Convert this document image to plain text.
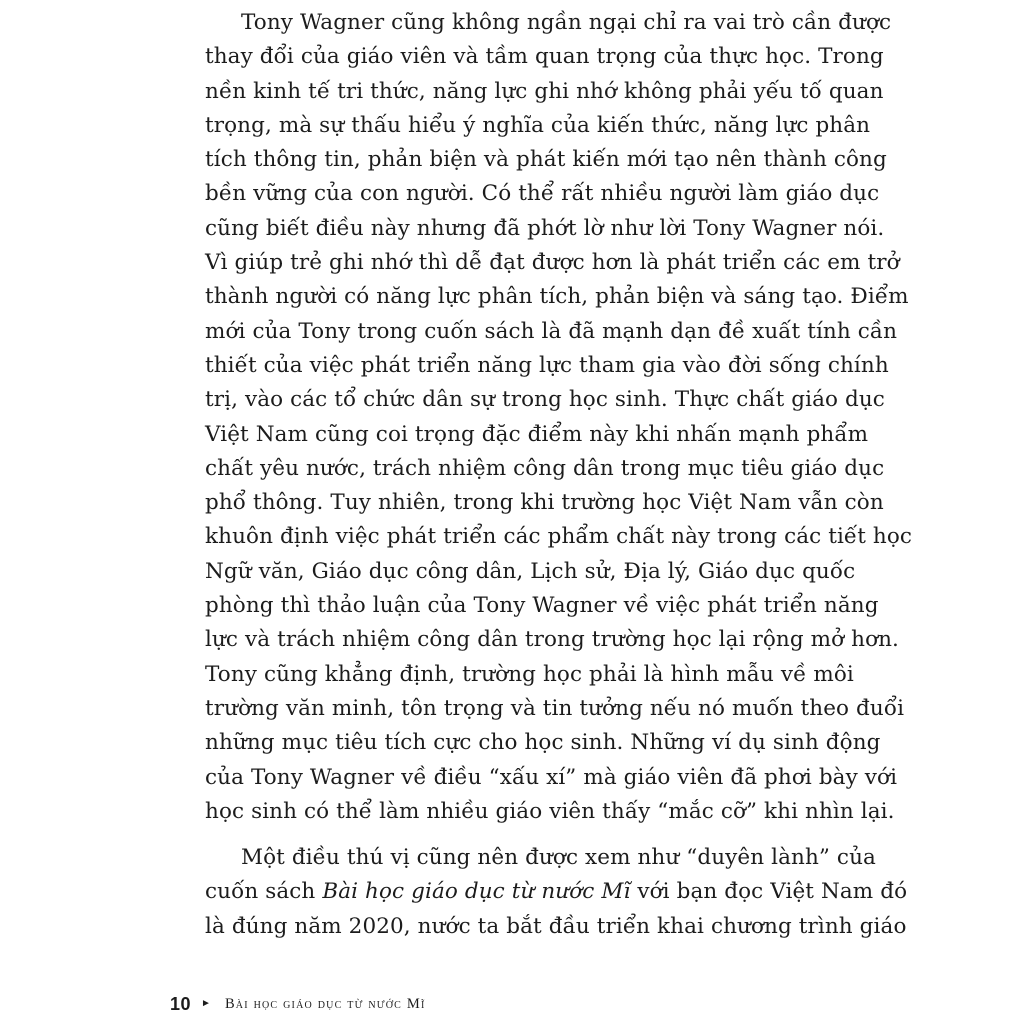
Tony Wagner cũng không ngần ngại chỉ ra vai trò cần được
thay đổi của giáo viên và tầm quan trọng của thực học. Trong
nền kinh tế tri thức, năng lực ghi nhớ không phải yếu tố quan
trọng, mà sự thấu hiểu ý nghĩa của kiến thức, năng lực phân
tích thông tin, phản biện và phát kiến mới tạo nên thành công
bền vững của con người. Có thể rất nhiều người làm giáo dục
cũng biết điều này nhưng đã phớt lờ như lời Tony Wagner nói.
Vì giúp trẻ ghi nhớ thì dễ đạt được hơn là phát triển các em trở
thành người có năng lực phân tích, phản biện và sáng tạo. Điểm
mới của Tony trong cuốn sách là đã mạnh dạn đề xuất tính cần
thiết của việc phát triển năng lực tham gia vào đời sống chính
trị, vào các tổ chức dân sự trong học sinh. Thực chất giáo dục
Việt Nam cũng coi trọng đặc điểm này khi nhấn mạnh phẩm
chất yêu nước, trách nhiệm công dân trong mục tiêu giáo dục
phổ thông. Tuy nhiên, trong khi trường học Việt Nam vẫn còn
khuôn định việc phát triển các phẩm chất này trong các tiết học
Ngữ văn, Giáo dục công dân, Lịch sử, Địa lý, Giáo dục quốc
phòng thì thảo luận của Tony Wagner về việc phát triển năng
lực và trách nhiệm công dân trong trường học lại rộng mở hơn.
Tony cũng khẳng định, trường học phải là hình mẫu về môi
trường văn minh, tôn trọng và tin tưởng nếu nó muốn theo đuổi
những mục tiêu tích cực cho học sinh. Những ví dụ sinh động
của Tony Wagner về điều “xấu xí” mà giáo viên đã phơi bày với
học sinh có thể làm nhiều giáo viên thấy “mắc cỡ” khi nhìn lại.

Một điều thú vị cũng nên được xem như “duyên lành” của
cuốn sách Bài học giáo dục từ nước Mĩ với bạn đọc Việt Nam đó
là đúng năm 2020, nước ta bắt đầu triển khai chương trình giáo

10 ► Bài học giáo dục từ nước Mĩ
